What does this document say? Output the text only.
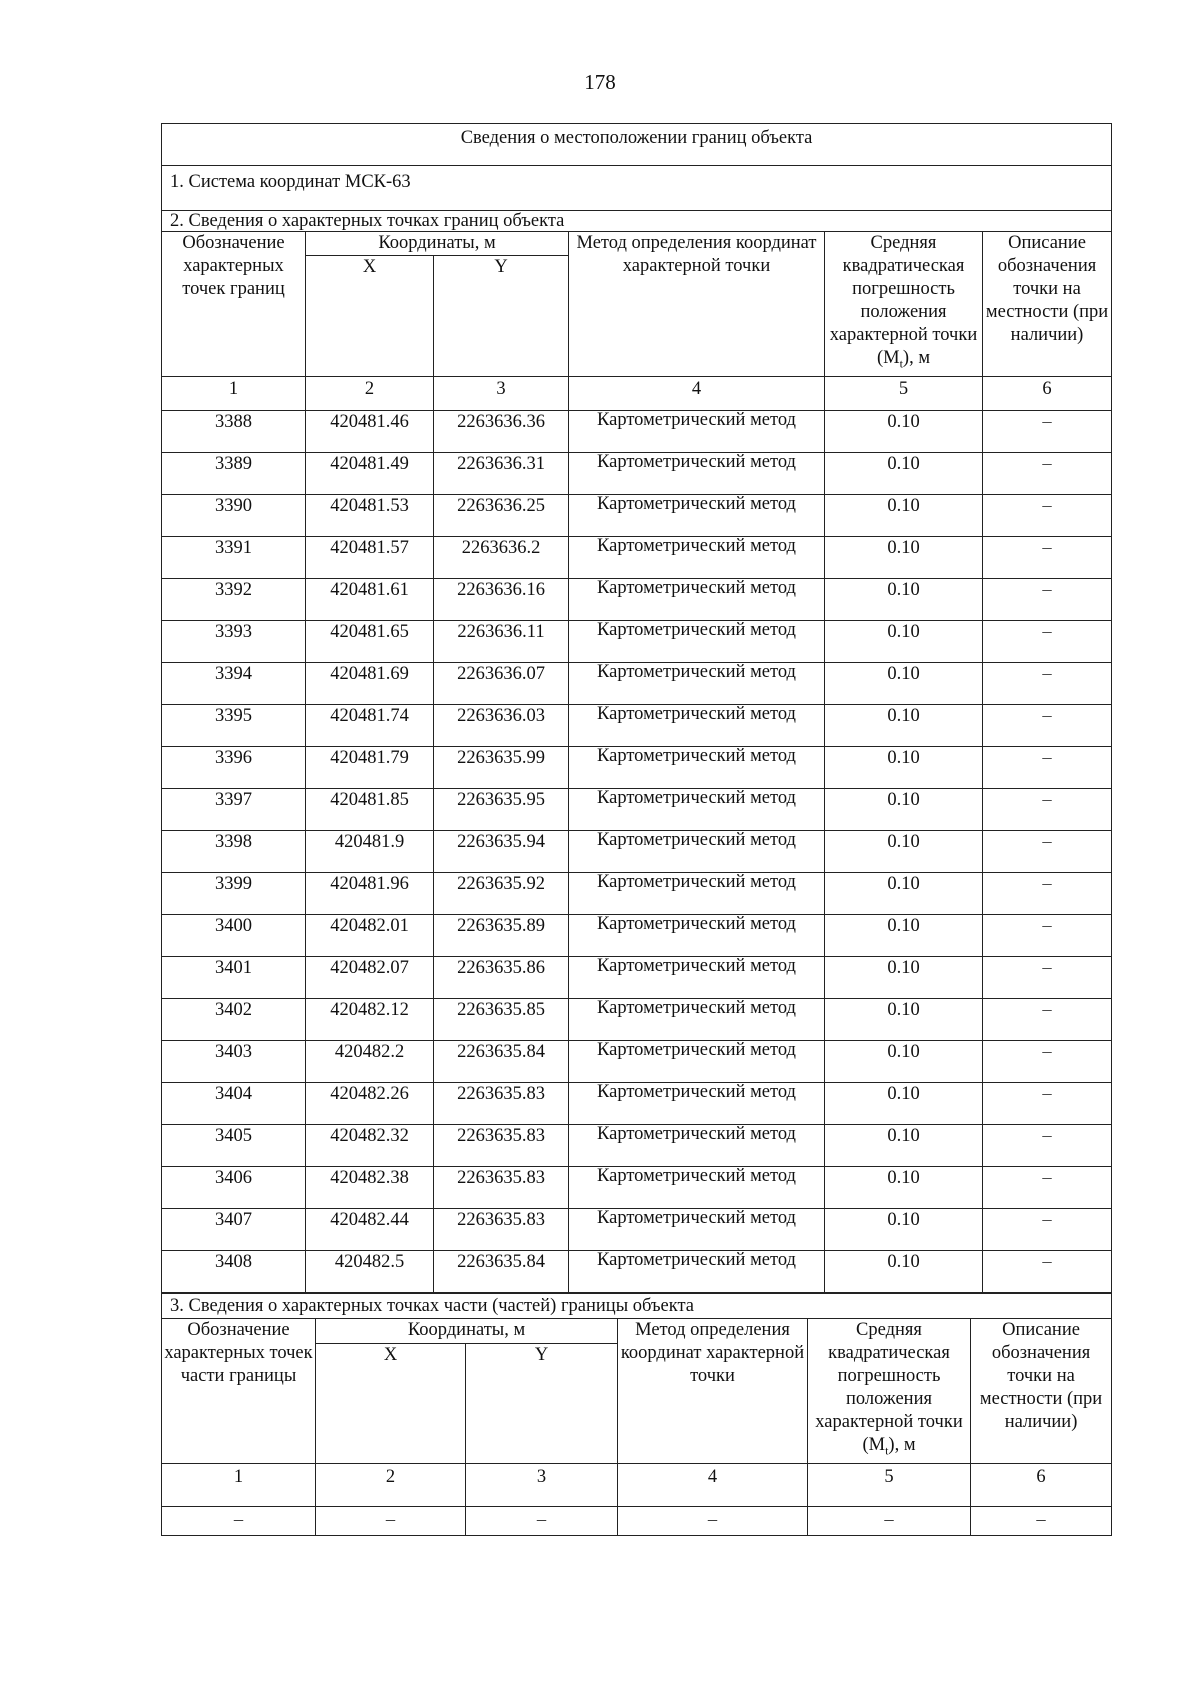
178
Сведения о местоположении границ объекта					
1. Система координат МСК-63					
2. Сведения о характерных точках границ объекта					
Обозначение характерных точек границ	Координаты, м		Метод определения координат характерной точки	Средняя квадратическая погрешность положения характерной точки $(M_t)$, м	Описание обозначения точки на местности (при наличии)
	X	Y			
1	2	3	4	5	6
3388	420481.46	2263636.36	Картометрический метод	0.10	–
3389	420481.49	2263636.31	Картометрический метод	0.10	–
3390	420481.53	2263636.25	Картометрический метод	0.10	–
3391	420481.57	2263636.2	Картометрический метод	0.10	–
3392	420481.61	2263636.16	Картометрический метод	0.10	–
3393	420481.65	2263636.11	Картометрический метод	0.10	–
3394	420481.69	2263636.07	Картометрический метод	0.10	–
3395	420481.74	2263636.03	Картометрический метод	0.10	–
3396	420481.79	2263635.99	Картометрический метод	0.10	–
3397	420481.85	2263635.95	Картометрический метод	0.10	–
3398	420481.9	2263635.94	Картометрический метод	0.10	–
3399	420481.96	2263635.92	Картометрический метод	0.10	–
3400	420482.01	2263635.89	Картометрический метод	0.10	–
3401	420482.07	2263635.86	Картометрический метод	0.10	–
3402	420482.12	2263635.85	Картометрический метод	0.10	–
3403	420482.2	2263635.84	Картометрический метод	0.10	–
3404	420482.26	2263635.83	Картометрический метод	0.10	–
3405	420482.32	2263635.83	Картометрический метод	0.10	–
3406	420482.38	2263635.83	Картометрический метод	0.10	–
3407	420482.44	2263635.83	Картометрический метод	0.10	–
3408	420482.5	2263635.84	Картометрический метод	0.10	–
3. Сведения о характерных точках части (частей) границы объекта					
Обозначение характерных точек части границы	Координаты, м		Метод определения координат характерной точки	Средняя квадратическая погрешность положения характерной точки $(M_t)$, м	Описание обозначения точки на местности (при наличии)
	X	Y			
1	2	3	4	5	6
–	–	–	–	–	–
